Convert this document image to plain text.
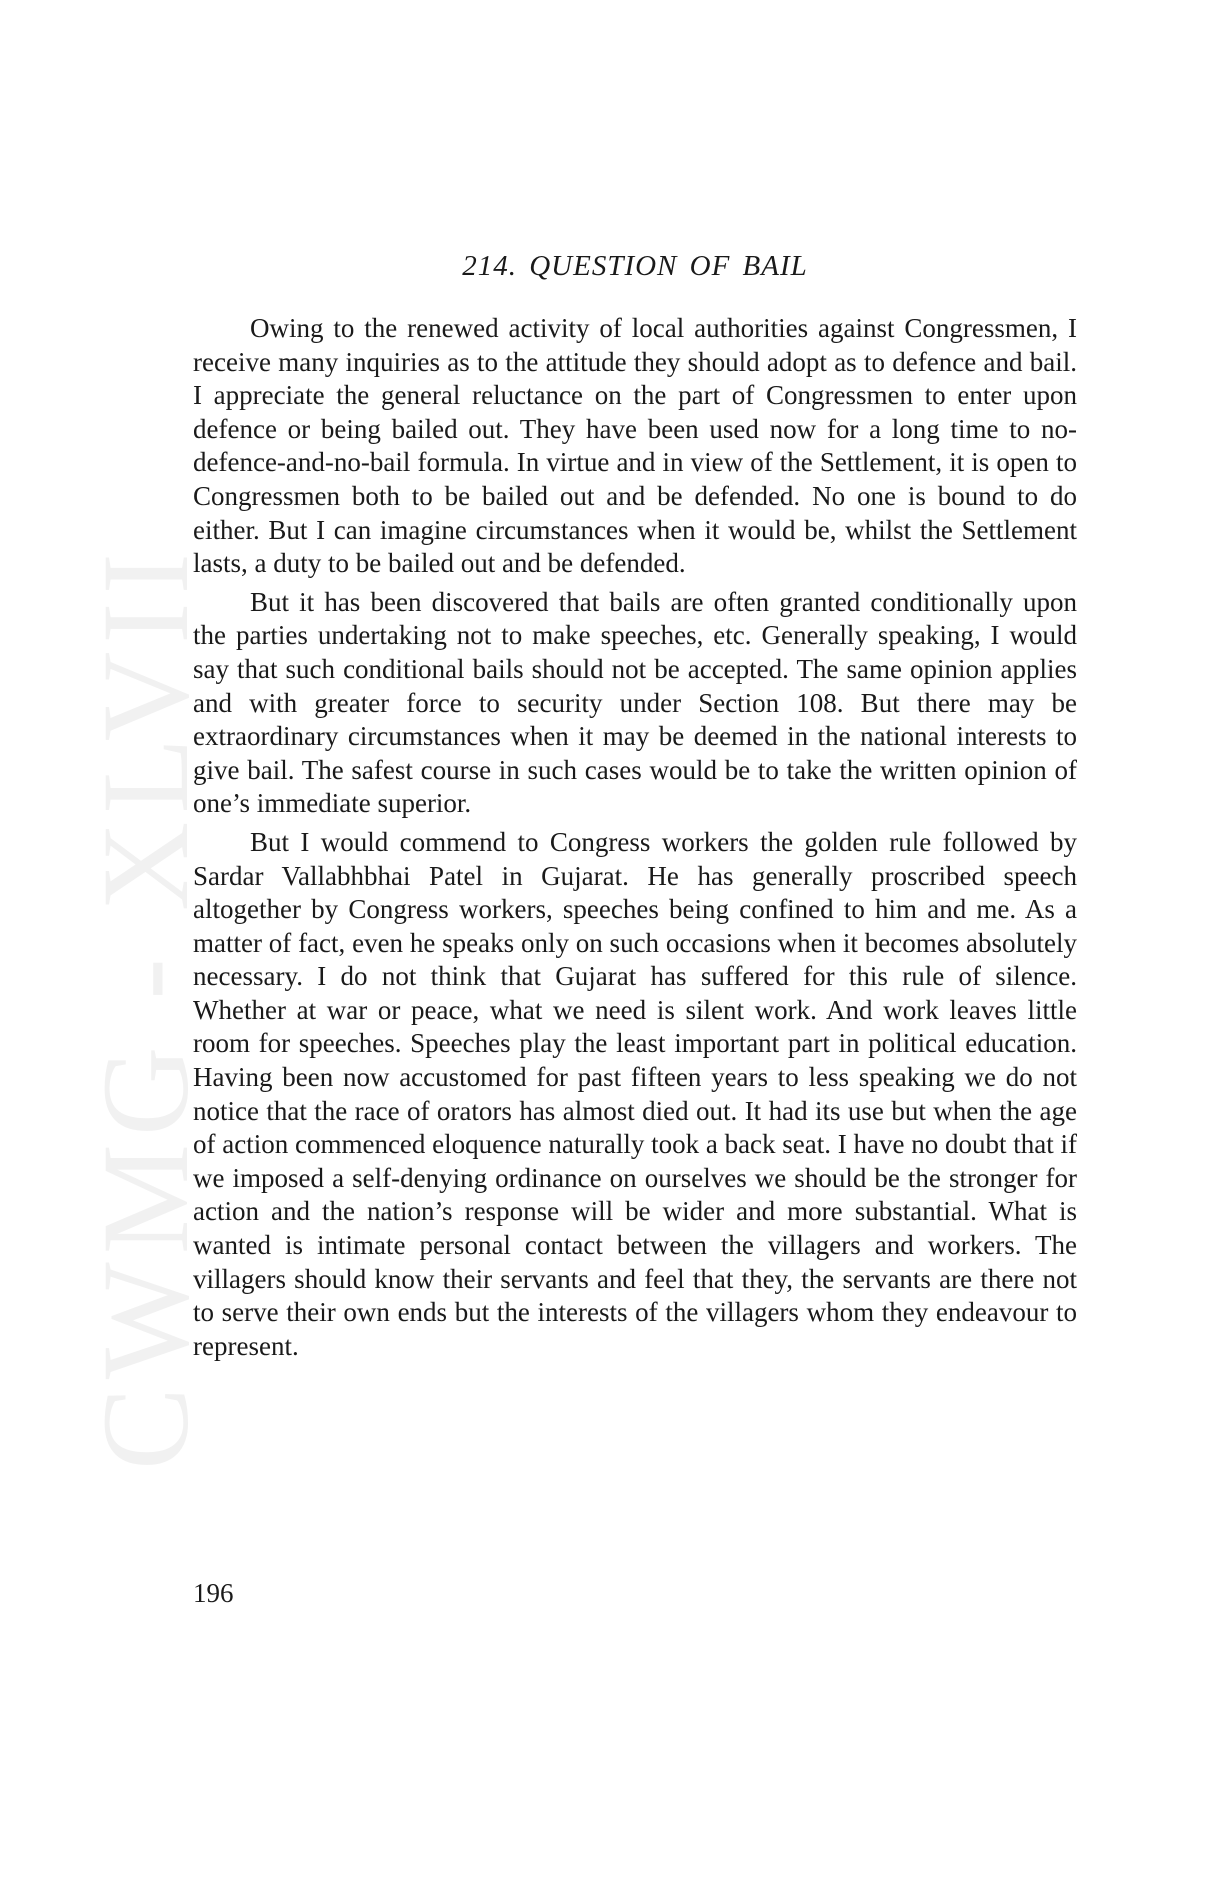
CWMG - XLVII
214. QUESTION OF BAIL

Owing to the renewed activity of local authorities against Congressmen, I receive many inquiries as to the attitude they should adopt as to defence and bail. I appreciate the general reluctance on the part of Congressmen to enter upon defence or being bailed out. They have been used now for a long time to no-defence-and-no-bail formula. In virtue and in view of the Settlement, it is open to Congressmen both to be bailed out and be defended. No one is bound to do either. But I can imagine circumstances when it would be, whilst the Settlement lasts, a duty to be bailed out and be defended.

But it has been discovered that bails are often granted conditionally upon the parties undertaking not to make speeches, etc. Generally speaking, I would say that such conditional bails should not be accepted. The same opinion applies and with greater force to security under Section 108. But there may be extraordinary circumstances when it may be deemed in the national interests to give bail. The safest course in such cases would be to take the written opinion of one’s immediate superior.

But I would commend to Congress workers the golden rule followed by Sardar Vallabhbhai Patel in Gujarat. He has generally proscribed speech altogether by Congress workers, speeches being confined to him and me. As a matter of fact, even he speaks only on such occasions when it becomes absolutely necessary. I do not think that Gujarat has suffered for this rule of silence. Whether at war or peace, what we need is silent work. And work leaves little room for speeches. Speeches play the least important part in political education. Having been now accustomed for past fifteen years to less speaking we do not notice that the race of orators has almost died out. It had its use but when the age of action commenced eloquence naturally took a back seat. I have no doubt that if we imposed a self-denying ordinance on ourselves we should be the stronger for action and the nation’s response will be wider and more substantial. What is wanted is intimate personal contact between the villagers and workers. The villagers should know their servants and feel that they, the servants are there not to serve their own ends but the interests of the villagers whom they endeavour to represent.

196
